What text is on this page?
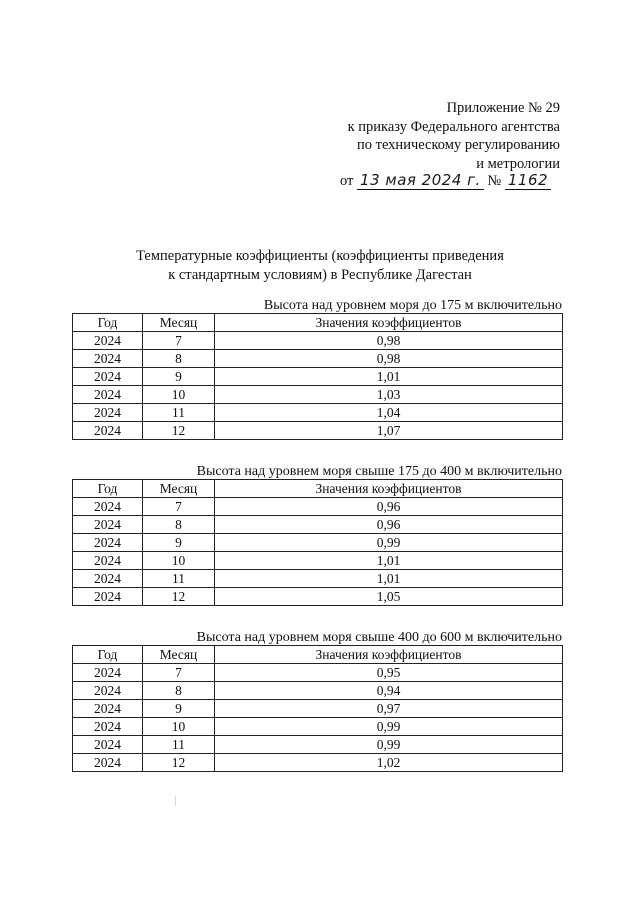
Приложение № 29
к приказу Федерального агентства
по техническому регулированию
и метрологии
от 13 мая 2024 г. № 1162
Температурные коэффициенты (коэффициенты приведения
к стандартным условиям) в Республике Дагестан
Высота над уровнем моря до 175 м включительно
Год	Месяц	Значения коэффициентов
2024	7	0,98
2024	8	0,98
2024	9	1,01
2024	10	1,03
2024	11	1,04
2024	12	1,07
Высота над уровнем моря свыше 175 до 400 м включительно
Год	Месяц	Значения коэффициентов
2024	7	0,96
2024	8	0,96
2024	9	0,99
2024	10	1,01
2024	11	1,01
2024	12	1,05
Высота над уровнем моря свыше 400 до 600 м включительно
Год	Месяц	Значения коэффициентов
2024	7	0,95
2024	8	0,94
2024	9	0,97
2024	10	0,99
2024	11	0,99
2024	12	1,02
